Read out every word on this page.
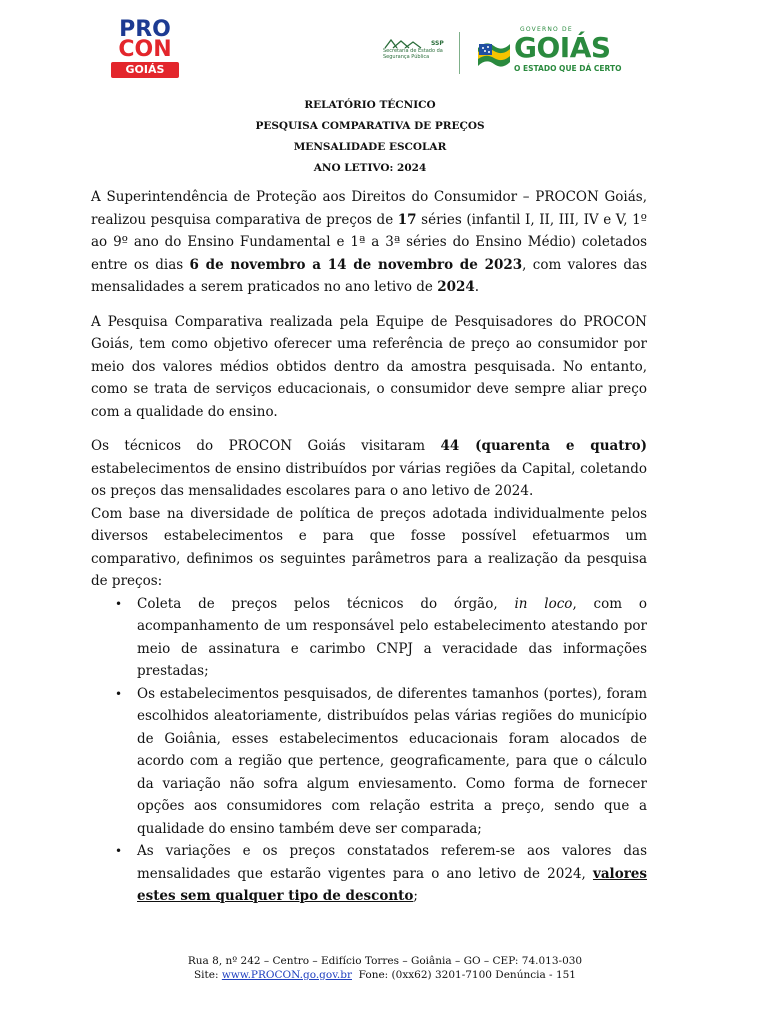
PRO
CON
GOIÁS
SSP
Secretaria de Estado da Segurança Pública
GOVERNO DE
GOIÁS
O ESTADO QUE DÁ CERTO
RELATÓRIO TÉCNICO
PESQUISA COMPARATIVA DE PREÇOS
MENSALIDADE ESCOLAR
ANO LETIVO: 2024

A Superintendência de Proteção aos Direitos do Consumidor – PROCON Goiás, realizou pesquisa comparativa de preços de 17 séries (infantil I, II, III, IV e V, 1º ao 9º ano do Ensino Fundamental e 1ª a 3ª séries do Ensino Médio) coletados entre os dias 6 de novembro a 14 de novembro de 2023, com valores das mensalidades a serem praticados no ano letivo de 2024.

A Pesquisa Comparativa realizada pela Equipe de Pesquisadores do PROCON Goiás, tem como objetivo oferecer uma referência de preço ao consumidor por meio dos valores médios obtidos dentro da amostra pesquisada. No entanto, como se trata de serviços educacionais, o consumidor deve sempre aliar preço com a qualidade do ensino.

Os técnicos do PROCON Goiás visitaram 44 (quarenta e quatro) estabelecimentos de ensino distribuídos por várias regiões da Capital, coletando os preços das mensalidades escolares para o ano letivo de 2024.

Com base na diversidade de política de preços adotada individualmente pelos diversos estabelecimentos e para que fosse possível efetuarmos um comparativo, definimos os seguintes parâmetros para a realização da pesquisa de preços:

• Coleta de preços pelos técnicos do órgão, in loco, com o acompanhamento de um responsável pelo estabelecimento atestando por meio de assinatura e carimbo CNPJ a veracidade das informações prestadas;
• Os estabelecimentos pesquisados, de diferentes tamanhos (portes), foram escolhidos aleatoriamente, distribuídos pelas várias regiões do município de Goiânia, esses estabelecimentos educacionais foram alocados de acordo com a região que pertence, geograficamente, para que o cálculo da variação não sofra algum enviesamento. Como forma de fornecer opções aos consumidores com relação estrita a preço, sendo que a qualidade do ensino também deve ser comparada;
• As variações e os preços constatados referem-se aos valores das mensalidades que estarão vigentes para o ano letivo de 2024, valores estes sem qualquer tipo de desconto;
Rua 8, nº 242 – Centro – Edifício Torres – Goiânia – GO – CEP: 74.013-030
Site: www.PROCON.go.gov.br  Fone: (0xx62) 3201-7100 Denúncia - 151
